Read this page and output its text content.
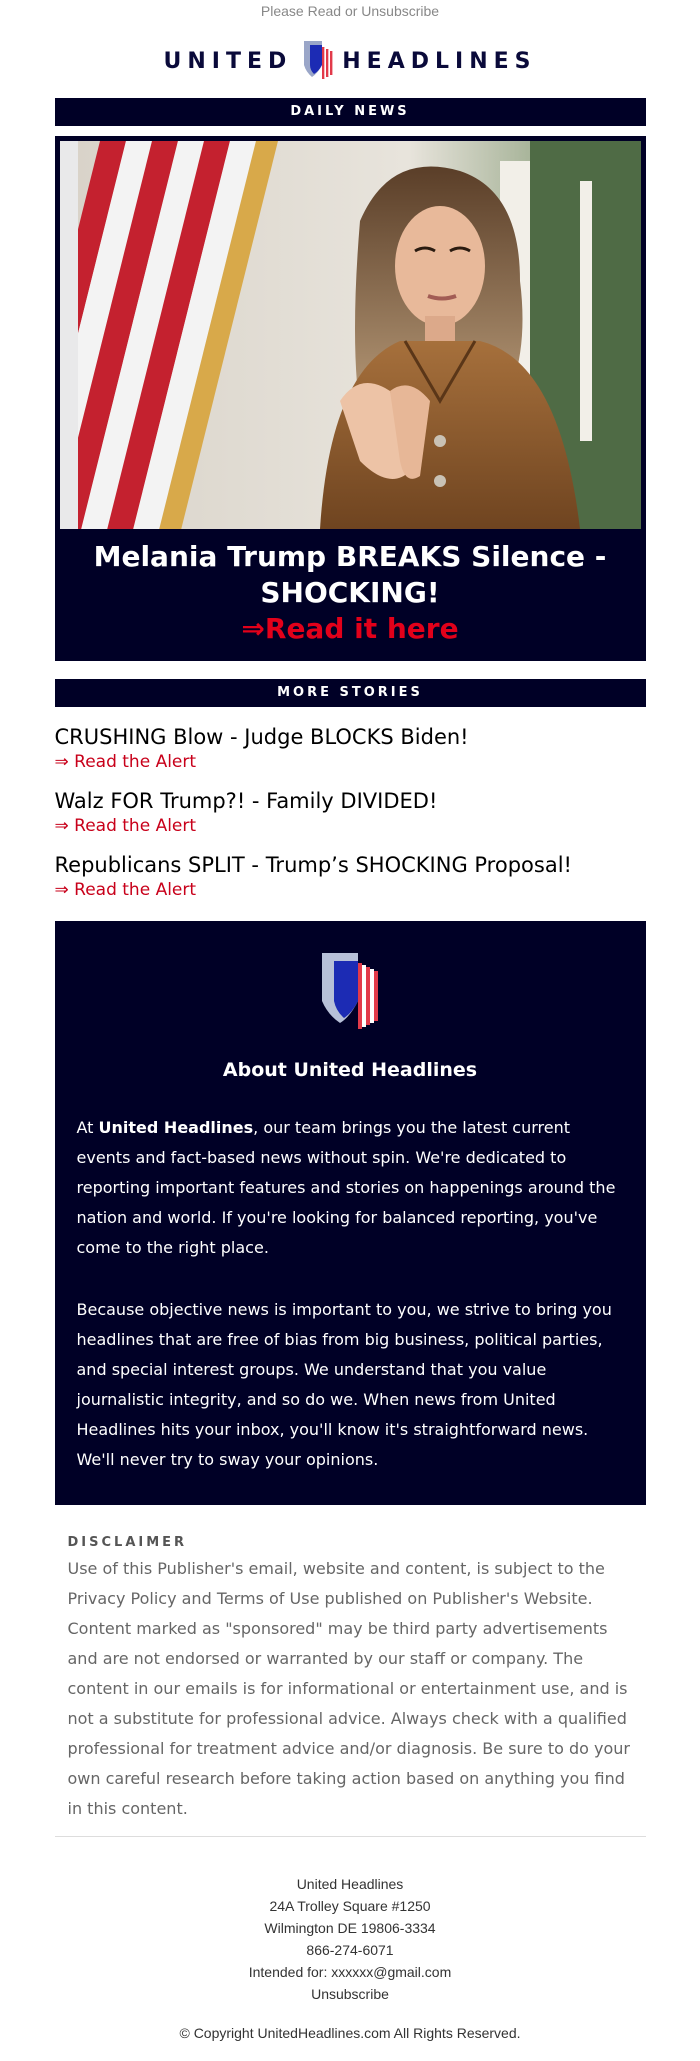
Please Read or Unsubscribe
UNITED HEADLINES
DAILY NEWS
Melania Trump BREAKS Silence - SHOCKING!
⇒Read it here
MORE STORIES
CRUSHING Blow - Judge BLOCKS Biden!
⇒ Read the Alert
Walz FOR Trump?! - Family DIVIDED!
⇒ Read the Alert
Republicans SPLIT - Trump’s SHOCKING Proposal!
⇒ Read the Alert
About United Headlines
At United Headlines, our team brings you the latest current events and fact-based news without spin. We're dedicated to reporting important features and stories on happenings around the nation and world. If you're looking for balanced reporting, you've come to the right place.
Because objective news is important to you, we strive to bring you headlines that are free of bias from big business, political parties, and special interest groups. We understand that you value journalistic integrity, and so do we. When news from United Headlines hits your inbox, you'll know it's straightforward news. We'll never try to sway your opinions.
DISCLAIMER
Use of this Publisher's email, website and content, is subject to the Privacy Policy and Terms of Use published on Publisher's Website. Content marked as "sponsored" may be third party advertisements and are not endorsed or warranted by our staff or company. The content in our emails is for informational or entertainment use, and is not a substitute for professional advice. Always check with a qualified professional for treatment advice and/or diagnosis. Be sure to do your own careful research before taking action based on anything you find in this content.
United Headlines
24A Trolley Square #1250
Wilmington DE 19806-3334
866-274-6071
Intended for: xxxxxx@gmail.com
Unsubscribe
© Copyright UnitedHeadlines.com All Rights Reserved.
